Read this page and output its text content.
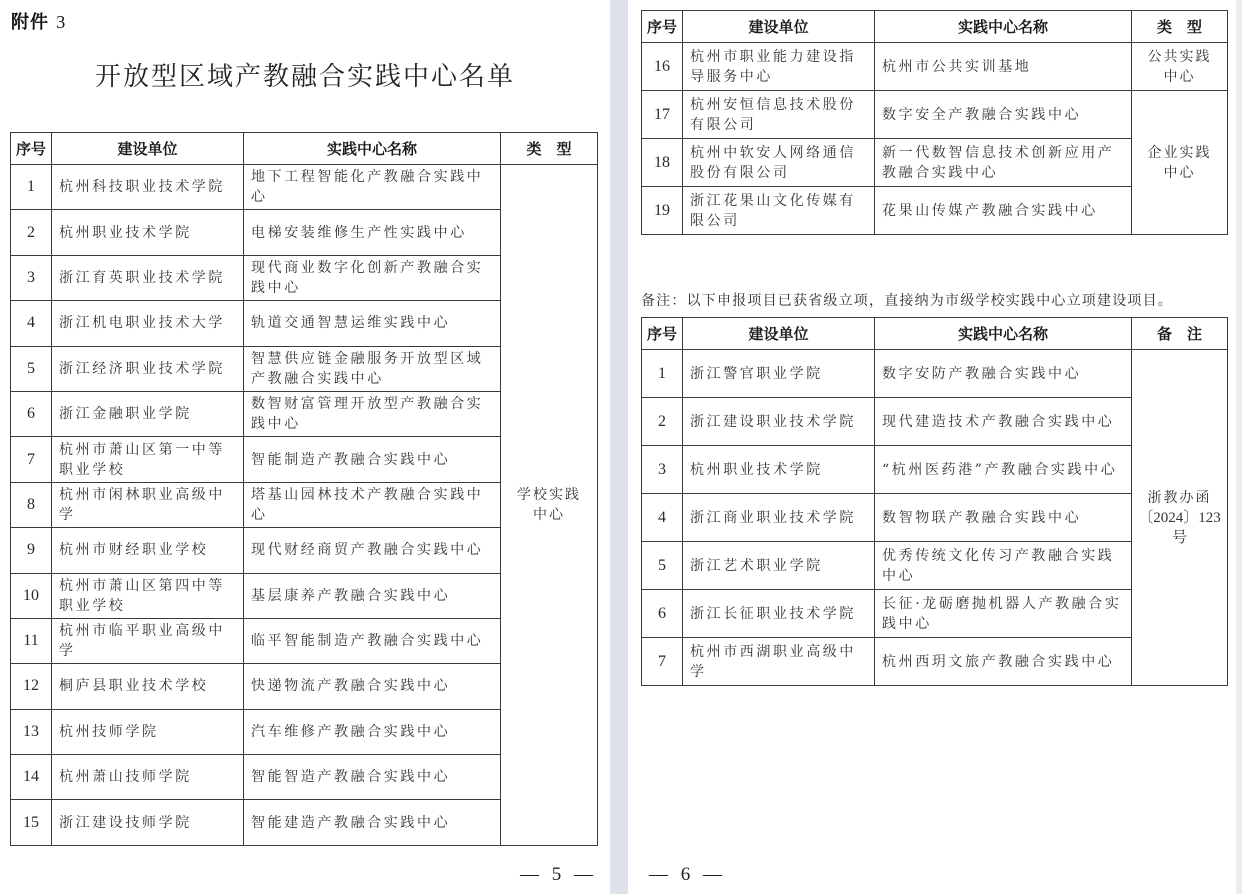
附件 3
开放型区域产教融合实践中心名单
序号	建设单位	实践中心名称	类　型
1	杭州科技职业技术学院	地下工程智能化产教融合实践中心	学校实践中心

2	杭州职业技术学院	电梯安装维修生产性实践中心	
3	浙江育英职业技术学院	现代商业数字化创新产教融合实践中心	
4	浙江机电职业技术大学	轨道交通智慧运维实践中心	
5	浙江经济职业技术学院	智慧供应链金融服务开放型区域产教融合实践中心	
6	浙江金融职业学院	数智财富管理开放型产教融合实践中心	
7	杭州市萧山区第一中等职业学校	智能制造产教融合实践中心	
8	杭州市闲林职业高级中学	塔基山园林技术产教融合实践中心	
9	杭州市财经职业学校	现代财经商贸产教融合实践中心	
10	杭州市萧山区第四中等职业学校	基层康养产教融合实践中心	
11	杭州市临平职业高级中学	临平智能制造产教融合实践中心	
12	桐庐县职业技术学校	快递物流产教融合实践中心	
13	杭州技师学院	汽车维修产教融合实践中心	
14	杭州萧山技师学院	智能智造产教融合实践中心	
15	浙江建设技师学院	智能建造产教融合实践中心	
— 5 —
序号	建设单位	实践中心名称	类　型
16	杭州市职业能力建设指导服务中心	杭州市公共实训基地	公共实践中心

17	杭州安恒信息技术股份有限公司	数字安全产教融合实践中心	企业实践中心

18	杭州中软安人网络通信股份有限公司	新一代数智信息技术创新应用产教融合实践中心	
19	浙江花果山文化传媒有限公司	花果山传媒产教融合实践中心	
备注：以下申报项目已获省级立项，直接纳为市级学校实践中心立项建设项目。
序号	建设单位	实践中心名称	备　注
1	浙江警官职业学院	数字安防产教融合实践中心	浙教办函
〔2024〕123 号

2	浙江建设职业技术学院	现代建造技术产教融合实践中心	
3	杭州职业技术学院	“杭州医药港”产教融合实践中心	
4	浙江商业职业技术学院	数智物联产教融合实践中心	
5	浙江艺术职业学院	优秀传统文化传习产教融合实践中心	
6	浙江长征职业技术学院	长征·龙砺磨抛机器人产教融合实践中心	
7	杭州市西湖职业高级中学	杭州西玥文旅产教融合实践中心	
— 6 —
